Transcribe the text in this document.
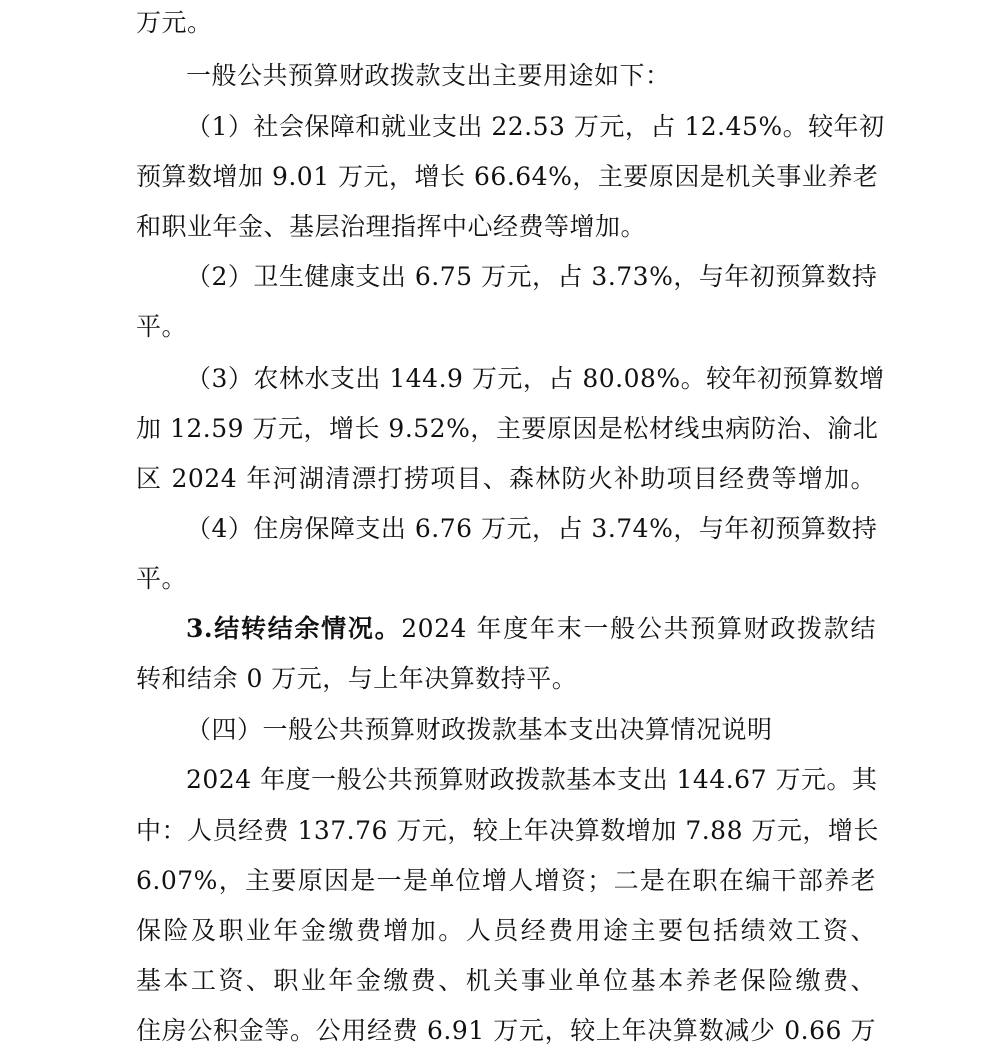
万元。
一般公共预算财政拨款支出主要用途如下：
（1）社会保障和就业支出 22.53 万元，占 12.45%。较年初
预算数增加 9.01 万元，增长 66.64%，主要原因是机关事业养老
和职业年金、基层治理指挥中心经费等增加。
（2）卫生健康支出 6.75 万元，占 3.73%，与年初预算数持
平。
（3）农林水支出 144.9 万元，占 80.08%。较年初预算数增
加 12.59 万元，增长 9.52%，主要原因是松材线虫病防治、渝北
区 2024 年河湖清漂打捞项目、森林防火补助项目经费等增加。
（4）住房保障支出 6.76 万元，占 3.74%，与年初预算数持
平。
3.结转结余情况。2024 年度年末一般公共预算财政拨款结
转和结余 0 万元，与上年决算数持平。
（四）一般公共预算财政拨款基本支出决算情况说明
2024 年度一般公共预算财政拨款基本支出 144.67 万元。其
中：人员经费 137.76 万元，较上年决算数增加 7.88 万元，增长
6.07%，主要原因是一是单位增人增资；二是在职在编干部养老
保险及职业年金缴费增加。人员经费用途主要包括绩效工资、
基本工资、职业年金缴费、机关事业单位基本养老保险缴费、
住房公积金等。公用经费 6.91 万元，较上年决算数减少 0.66 万
